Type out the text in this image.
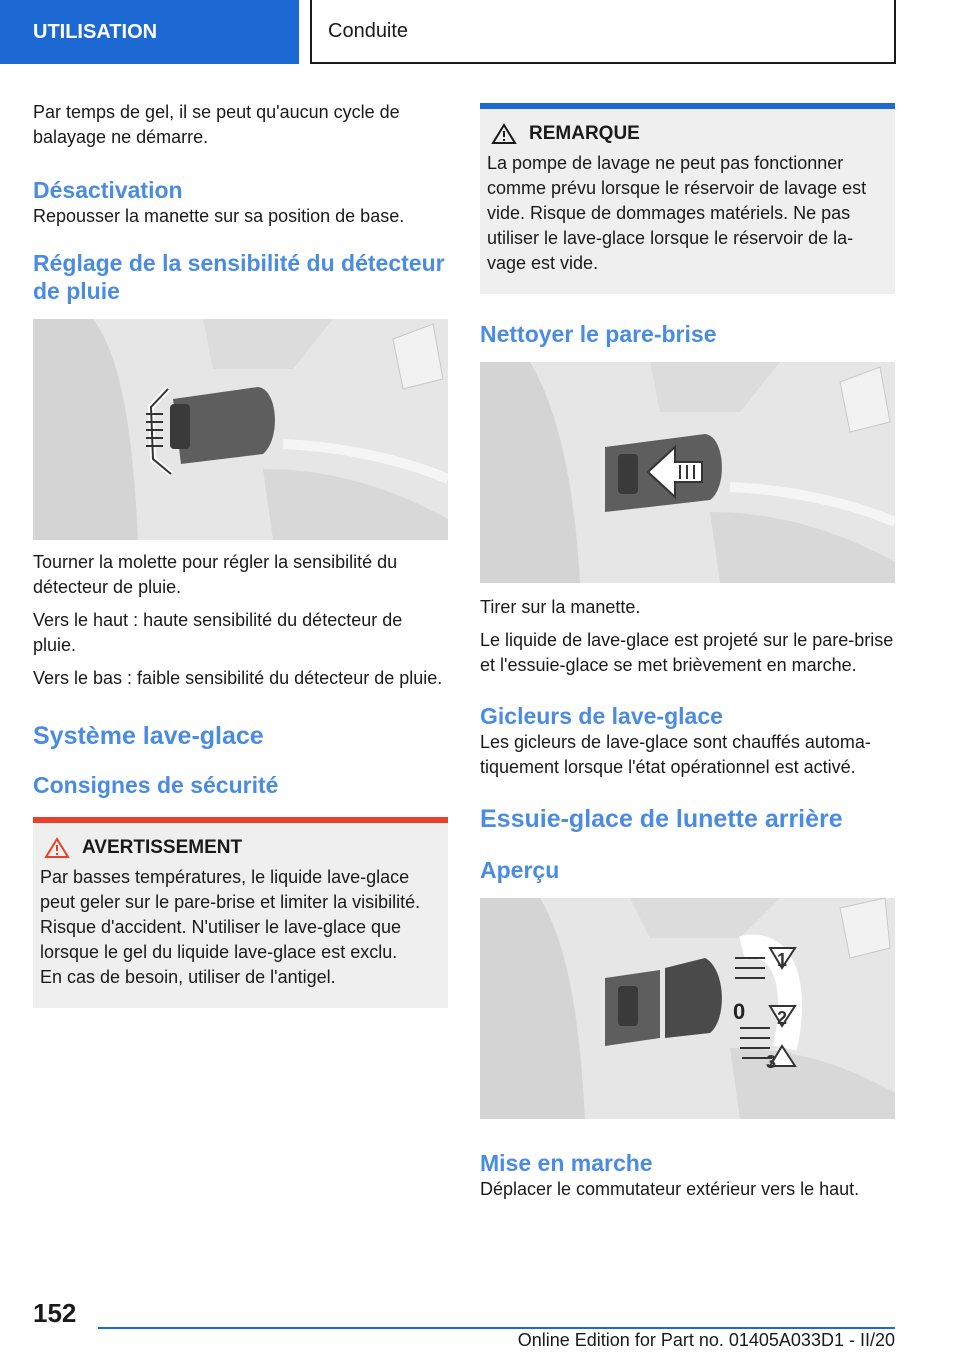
UTILISATION	Conduite

Par temps de gel, il se peut qu'aucun cycle de balayage ne démarre.

Désactivation

Repousser la manette sur sa position de base.

Réglage de la sensibilité du détecteur de pluie

Tourner la molette pour régler la sensibilité du détecteur de pluie.

Vers le haut : haute sensibilité du détecteur de pluie.

Vers le bas : faible sensibilité du détecteur de pluie.

Système lave-glace
Consignes de sécurité
AVERTISSEMENT

Par basses températures, le liquide lave-glace peut geler sur le pare-brise et limiter la visibilité. Risque d'accident. N'utiliser le lave-glace que lorsque le gel du liquide lave-glace est exclu.

En cas de besoin, utiliser de l'antigel.

REMARQUE

La pompe de lavage ne peut pas fonctionner comme prévu lorsque le réservoir de lavage est vide. Risque de dommages matériels. Ne pas utiliser le lave-glace lorsque le réservoir de la-vage est vide.

Nettoyer le pare-brise

Tirer sur la manette.

Le liquide de lave-glace est projeté sur le pare-brise et l'essuie-glace se met brièvement en marche.

Gicleurs de lave-glace

Les gicleurs de lave-glace sont chauffés automa-tiquement lorsque l'état opérationnel est activé.

Essuie-glace de lunette arrière
Aperçu
1
0 2
3
Mise en marche

Déplacer le commutateur extérieur vers le haut.

152
Online Edition for Part no. 01405A033D1 - II/20
